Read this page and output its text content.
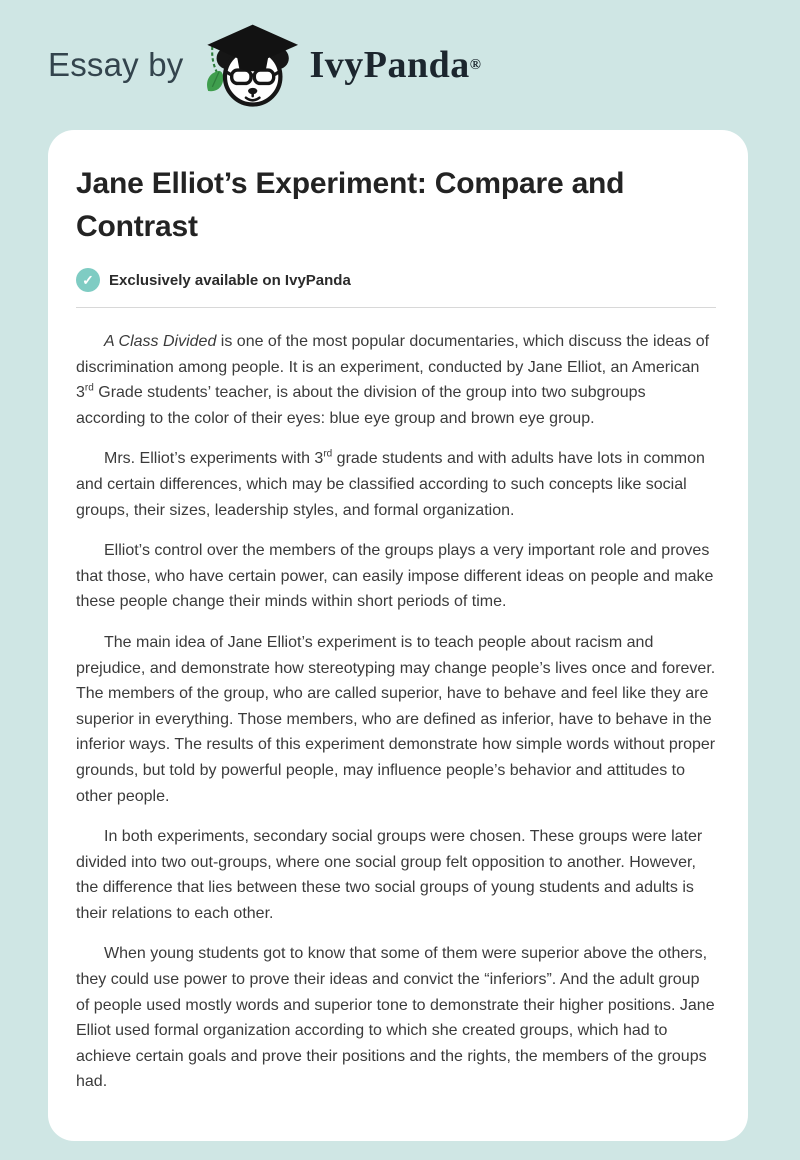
Essay by	IvyPanda ®
Jane Elliot’s Experiment: Compare and Contrast
✓	Exclusively available on IvyPanda

A Class Divided is one of the most popular documentaries, which discuss the ideas of discrimination among people. It is an experiment, conducted by Jane Elliot, an American 3rd Grade students’ teacher, is about the division of the group into two subgroups according to the color of their eyes: blue eye group and brown eye group.

Mrs. Elliot’s experiments with 3rd grade students and with adults have lots in common and certain differences, which may be classified according to such concepts like social groups, their sizes, leadership styles, and formal organization.

Elliot’s control over the members of the groups plays a very important role and proves that those, who have certain power, can easily impose different ideas on people and make these people change their minds within short periods of time.

The main idea of Jane Elliot’s experiment is to teach people about racism and prejudice, and demonstrate how stereotyping may change people’s lives once and forever. The members of the group, who are called superior, have to behave and feel like they are superior in everything. Those members, who are defined as inferior, have to behave in the inferior ways. The results of this experiment demonstrate how simple words without proper grounds, but told by powerful people, may influence people’s behavior and attitudes to other people.

In both experiments, secondary social groups were chosen. These groups were later divided into two out-groups, where one social group felt opposition to another. However, the difference that lies between these two social groups of young students and adults is their relations to each other.

When young students got to know that some of them were superior above the others, they could use power to prove their ideas and convict the “inferiors”. And the adult group of people used mostly words and superior tone to demonstrate their higher positions. Jane Elliot used formal organization according to which she created groups, which had to achieve certain goals and prove their positions and the rights, the members of the groups had.
